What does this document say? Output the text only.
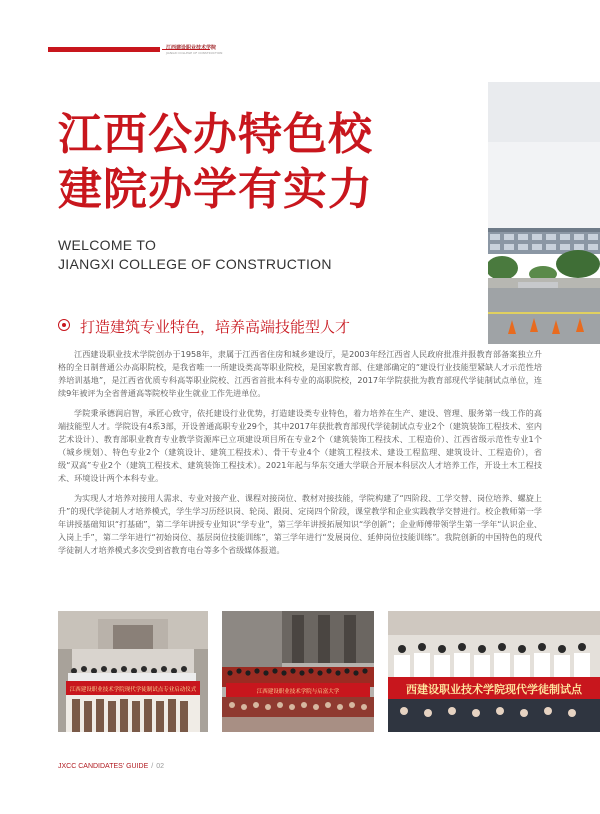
江西建设职业技术学院
JIANGXI COLLEGE OF CONSTRUCTION
江西公办特色校
建院办学有实力
WELCOME TO
JIANGXI COLLEGE OF CONSTRUCTION
打造建筑专业特色，培养高端技能型人才

江西建设职业技术学院创办于1958年，隶属于江西省住房和城乡建设厅，是2003年经江西省人民政府批准并报教育部备案独立升格的全日制普通公办高职院校，是我省唯一一所建设类高等职业院校，是国家教育部、住建部确定的“建设行业技能型紧缺人才示范性培养培训基地”，是江西省优质专科高等职业院校、江西省首批本科专业的高职院校，2017年学院获批为教育部现代学徒制试点单位，连续9年被评为全省普通高等院校毕业生就业工作先进单位。

学院秉承德润启智，承匠心致守，依托建设行业优势，打造建设类专业特色，着力培养在生产、建设、管理、服务第一线工作的高端技能型人才。学院设有4系3部，开设普通高职专业29个，其中2017年获批教育部现代学徒制试点专业2个（建筑装饰工程技术、室内艺术设计）、教育部职业教育专业教学资源库已立项建设项目所在专业2个（建筑装饰工程技术、工程造价）、江西省级示范性专业1个（城乡规划）、特色专业2个（建筑设计、建筑工程技术）、骨干专业4个（建筑工程技术、建设工程监理、建筑设计、工程造价），省级“双高”专业2个（建筑工程技术、建筑装饰工程技术）。2021年起与华东交通大学联合开展本科层次人才培养工作，开设土木工程技术、环境设计两个本科专业。

为实现人才培养对接用人需求、专业对接产业、课程对接岗位、教材对接技能，学院构建了“四阶段、工学交替、岗位培养、螺旋上升”的现代学徒制人才培养模式，学生学习历经识岗、轮岗、跟岗、定岗四个阶段，课堂教学和企业实践教学交替进行。校企教师第一学年讲授基础知识“打基础”，第二学年讲授专业知识“学专业”，第三学年讲授拓展知识“学创新”；企业师傅带领学生第一学年“认识企业、入岗上手”，第二学年进行“初始岗位、基层岗位技能训练”，第三学年进行“发展岗位、延伸岗位技能训练”。我院创新的中国特色的现代学徒制人才培养模式多次受到省教育电台等多个省级媒体报道。

江西建设职业技术学院现代学徒制试点专业启动仪式	江西建设职业技术学院与启富大学	西建设职业技术学院现代学徒制试点
JXCC CANDIDATES' GUIDE / 02
